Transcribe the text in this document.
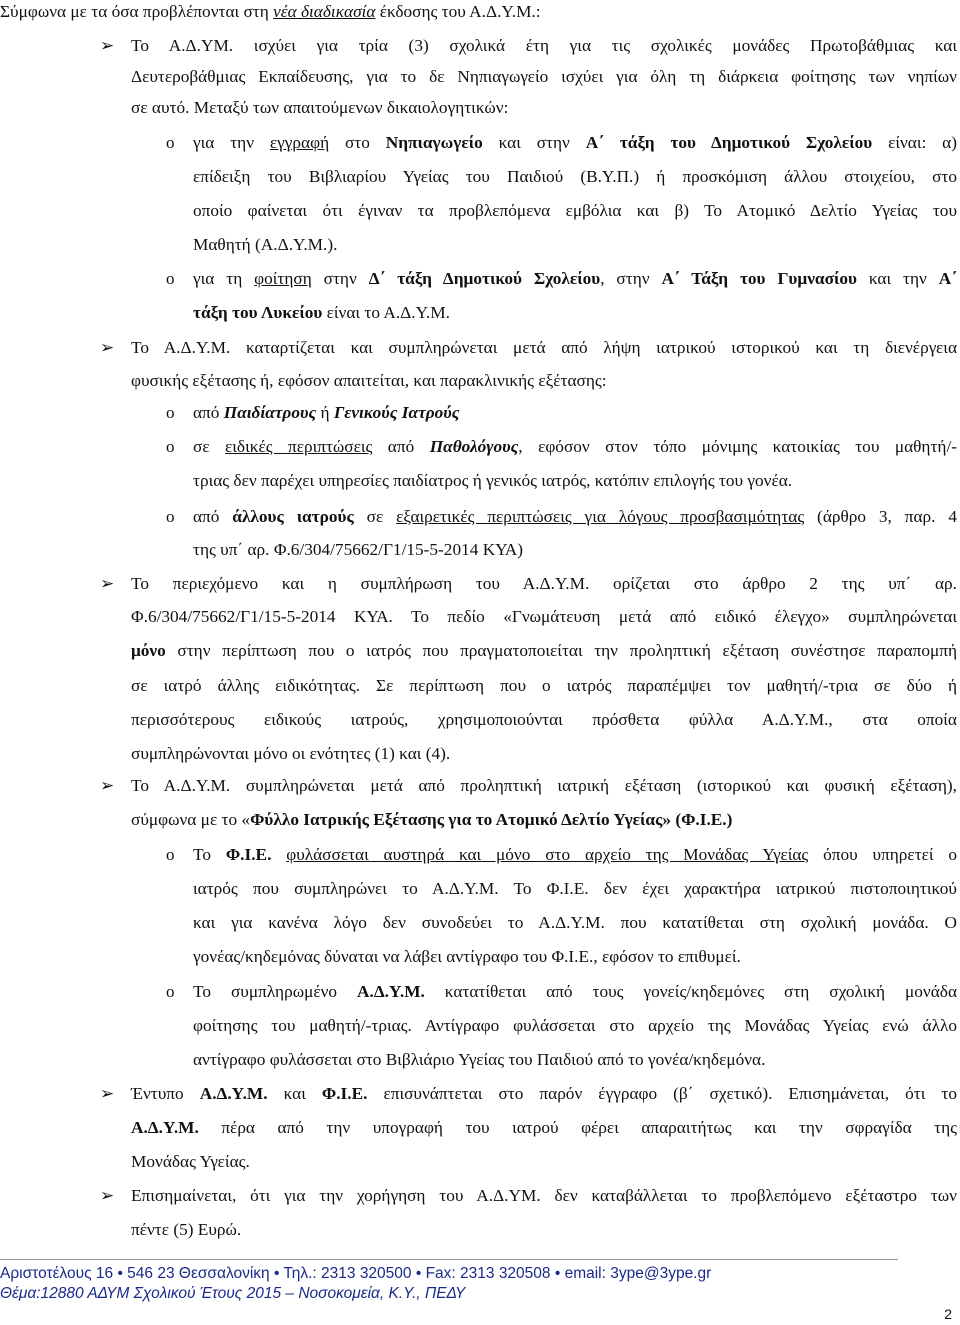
Σύμφωνα με τα όσα προβλέπονται στη νέα διαδικασία έκδοσης του Α.Δ.Υ.Μ.:
➢ Το Α.Δ.ΥΜ. ισχύει για τρία (3) σχολικά έτη για τις σχολικές μονάδες Πρωτοβάθμιας και
Δευτεροβάθμιας Εκπαίδευσης, για το δε Νηπιαγωγείο ισχύει για όλη τη διάρκεια φοίτησης των νηπίων
σε αυτό. Μεταξύ των απαιτούμενων δικαιολογητικών:
o για την εγγραφή στο Νηπιαγωγείο και στην Α΄ τάξη του Δημοτικού Σχολείου είναι: α)
επίδειξη του Βιβλιαρίου Υγείας του Παιδιού (Β.Υ.Π.) ή προσκόμιση άλλου στοιχείου, στο
οποίο φαίνεται ότι έγιναν τα προβλεπόμενα εμβόλια και β) Το Ατομικό Δελτίο Υγείας του
Μαθητή (Α.Δ.Υ.Μ.).
o για τη φοίτηση στην Δ΄ τάξη Δημοτικού Σχολείου, στην Α΄ Τάξη του Γυμνασίου και την Α΄
τάξη του Λυκείου είναι το Α.Δ.Υ.Μ.
➢ Το Α.Δ.Υ.Μ. καταρτίζεται και συμπληρώνεται μετά από λήψη ιατρικού ιστορικού και τη διενέργεια
φυσικής εξέτασης ή, εφόσον απαιτείται, και παρακλινικής εξέτασης:
o από Παιδίατρους ή Γενικούς Ιατρούς
o σε ειδικές περιπτώσεις από Παθολόγους, εφόσον στον τόπο μόνιμης κατοικίας του μαθητή/-
τριας δεν παρέχει υπηρεσίες παιδίατρος ή γενικός ιατρός, κατόπιν επιλογής του γονέα.
o από άλλους ιατρούς σε εξαιρετικές περιπτώσεις για λόγους προσβασιμότητας (άρθρο 3, παρ. 4
της υπ΄ αρ. Φ.6/304/75662/Γ1/15-5-2014 ΚΥΑ)
➢ Το περιεχόμενο και η συμπλήρωση του Α.Δ.Υ.Μ. ορίζεται στο άρθρο 2 της υπ΄ αρ.
Φ.6/304/75662/Γ1/15-5-2014 ΚΥΑ. Το πεδίο «Γνωμάτευση μετά από ειδικό έλεγχο» συμπληρώνεται
μόνο στην περίπτωση που ο ιατρός που πραγματοποιείται την προληπτική εξέταση συνέστησε παραπομπή
σε ιατρό άλλης ειδικότητας. Σε περίπτωση που ο ιατρός παραπέμψει τον μαθητή/-τρια σε δύο ή
περισσότερους ειδικούς ιατρούς, χρησιμοποιούνται πρόσθετα φύλλα Α.Δ.Υ.Μ., στα οποία
συμπληρώνονται μόνο οι ενότητες (1) και (4).
➢ Το Α.Δ.Υ.Μ. συμπληρώνεται μετά από προληπτική ιατρική εξέταση (ιστορικού και φυσική εξέταση),
σύμφωνα με το «Φύλλο Ιατρικής Εξέτασης για το Ατομικό Δελτίο Υγείας» (Φ.Ι.Ε.)
o Το Φ.Ι.Ε. φυλάσσεται αυστηρά και μόνο στο αρχείο της Μονάδας Υγείας όπου υπηρετεί ο
ιατρός που συμπληρώνει το Α.Δ.Υ.Μ. Το Φ.Ι.Ε. δεν έχει χαρακτήρα ιατρικού πιστοποιητικού
και για κανένα λόγο δεν συνοδεύει το Α.Δ.Υ.Μ. που κατατίθεται στη σχολική μονάδα. Ο
γονέας/κηδεμόνας δύναται να λάβει αντίγραφο του Φ.Ι.Ε., εφόσον το επιθυμεί.
o Το συμπληρωμένο Α.Δ.Υ.Μ. κατατίθεται από τους γονείς/κηδεμόνες στη σχολική μονάδα
φοίτησης του μαθητή/-τριας. Αντίγραφο φυλάσσεται στο αρχείο της Μονάδας Υγείας ενώ άλλο
αντίγραφο φυλάσσεται στο Βιβλιάριο Υγείας του Παιδιού από το γονέα/κηδεμόνα.
➢ Έντυπο Α.Δ.Υ.Μ. και Φ.Ι.Ε. επισυνάπτεται στο παρόν έγγραφο (β΄ σχετικό). Επισημάνεται, ότι το
Α.Δ.Υ.Μ. πέρα από την υπογραφή του ιατρού φέρει απαραιτήτως και την σφραγίδα της
Μονάδας Υγείας.
➢ Επισημαίνεται, ότι για την χορήγηση του Α.Δ.ΥΜ. δεν καταβάλλεται το προβλεπόμενο εξέταστρο των
πέντε (5) Ευρώ.
Αριστοτέλους 16 • 546 23 Θεσσαλονίκη • Τηλ.: 2313 320500 • Fax: 2313 320508 • email: 3ype@3ype.gr
Θέμα:12880 ΑΔΥΜ Σχολικού Έτους 2015 – Νοσοκομεία, Κ.Υ., ΠΕΔΥ
2
